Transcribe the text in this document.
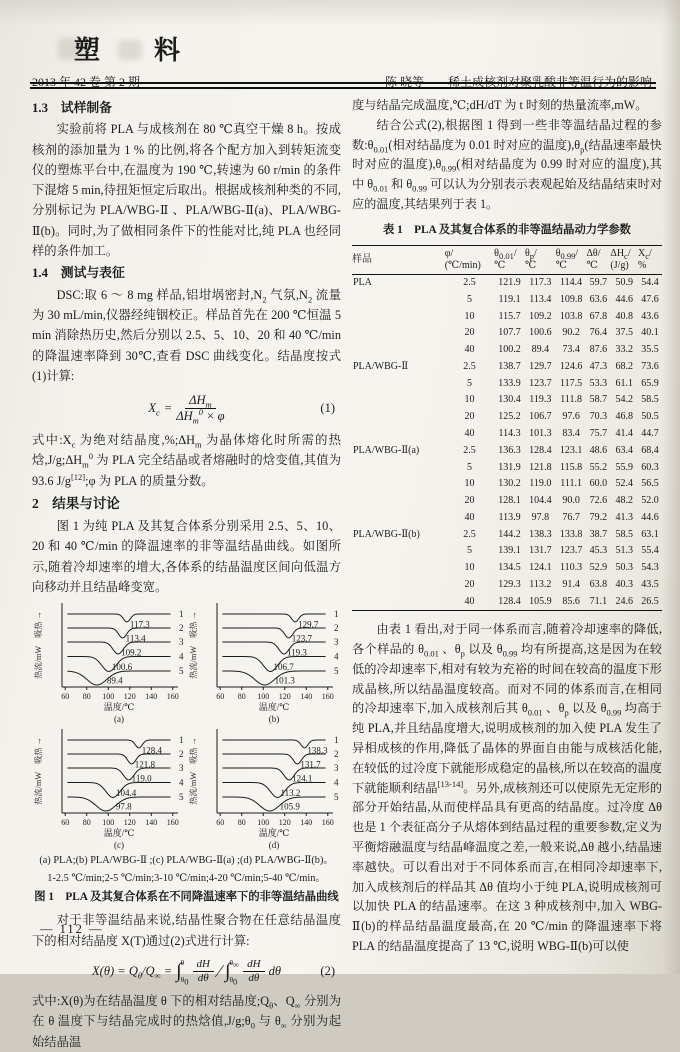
塑　料
2013 年 42 卷 第 2 期	陈 晓等——稀土成核剂对聚乳酸非等温行为的影响
1.3　试样制备

实验前将 PLA 与成核剂在 80 ℃真空干燥 8 h。按成核剂的添加量为 1 % 的比例,将各个配方加入到转矩流变仪的塑炼平台中,在温度为 190 ℃,转速为 60 r/min 的条件下混熔 5 min,待扭矩恒定后取出。根据成核剂种类的不同,分别标记为 PLA/WBG-Ⅱ 、PLA/WBG-Ⅱ(a)、PLA/WBG-Ⅱ(b)。同时,为了做相同条件下的性能对比,纯 PLA 也经同样的条件加工。

1.4　测试与表征

DSC:取 6 ～ 8 mg 样品,铝坩埚密封$,N_2$ 气氛$,N_2$ 流量为 30 mL/min,仪器经纯铟校正。样品首先在 200 ℃恒温 5 min 消除热历史,然后分别以 2.5、5、10、20 和 40 ℃/min 的降温速率降到 30℃,查看 DSC 曲线变化。结晶度按式(1)计算:

$X_c = \frac{\Delta H_m}{\Delta H_m^0 \times \varphi}$	(1)

式中$:X_c$ 为绝对结晶度$,\%;\Delta H_m$ 为晶体熔化时所需的热焓$,J/g;\Delta H_m^0$ 为 PLA 完全结晶或者熔融时的焓变值,其值为 93.6 J/g[12];φ 为 PLA 的质量分数。

2　结果与讨论

图 1 为纯 PLA 及其复合体系分别采用 2.5、5、10、20 和 40 ℃/min 的降温速率的非等温结晶曲线。如图所示,随着冷却速率的增大,各体系的结晶温度区间向低温方向移动并且结晶峰变宽。

60 80 100 120 140 160
热流/mW　吸热 →	1
117.3	2
113.4	3
109.2	4
100.6	5
89.4
温度/℃
(a)
60 80 100 120 140 160
热流/mW　吸热 →	1
129.7 2
123.7 3
119.3	4
106.7	5
101.3
温度/℃
(b)
60 80 100 120 140 160
热流/mW　吸热 →	1
128.4 2
121.8	3
119.0	4
104.4	5
97.8
温度/℃
(c)
60 80 100 120 140 160
热流/mW　吸热 →	1
138.3 2
131.7 3
124.1 4
113.2	5
105.9
温度/℃
(d)

(a) PLA;(b) PLA/WBG-Ⅱ ;(c) PLA/WBG-Ⅱ(a) ;(d) PLA/WBG-Ⅱ(b)。

1-2.5 ℃/min;2-5 ℃/min;3-10 ℃/min;4-20 ℃/min;5-40 ℃/min。

图 1　PLA 及其复合体系在不同降温速率下的非等温结晶曲线

对于非等温结晶来说,结晶性聚合物在任意结晶温度下的相对结晶度 X(T)通过(2)式进行计算:

$X(\theta) = Q_\theta/Q_\infty$ = ∫ θ
$\theta_0 \frac{dH}{d\theta}$ ∕ ∫ $\theta_\infty$
$\theta_0 \frac{dH}{d\theta}$ dθ	(2)

式中:X(θ)为在结晶温度 θ 下的相对结晶度$;Q_\theta$、$Q_\infty$ 分别为在 θ 温度下与结晶完成时的热焓值$,J/g;\theta_0$ 与 $\theta_\infty$ 分别为起始结晶温

度与结晶完成温度,℃;dH/dT 为 t 时刻的热量流率,mW。

结合公式(2),根据图 1 得到一些非等温结晶过程的参数$:\theta_{0.01}$(相对结晶度为 0.01 时对应的温度)$,\theta_p$(结晶速率最快时对应的温度)$,\theta_{0.99}$(相对结晶度为 0.99 时对应的温度),其中 $\theta_{0.01}$ 和 $\theta_{0.99}$ 可以认为分别表示表观起始及结晶结束时对应的温度,其结果列于表 1。

表 1　PLA 及其复合体系的非等温结晶动力学参数
样品	φ/
(℃/min)	$\theta_{0.01}/$
℃	$\theta_p/$
℃	$\theta_{0.99}/$
℃	Δθ/
℃	$\Delta H_c/$
(J/g)	$X_c/$
%

PLA	2.5	121.9	117.3	114.4	59.7	50.9	54.4
	5	119.1	113.4	109.8	63.6	44.6	47.6
	10	115.7	109.2	103.8	67.8	40.8	43.6
	20	107.7	100.6	90.2	76.4	37.5	40.1
	40	100.2	89.4	73.4	87.6	33.2	35.5
PLA/WBG-Ⅱ	2.5	138.7	129.7	124.6	47.3	68.2	73.6
	5	133.9	123.7	117.5	53.3	61.1	65.9
	10	130.4	119.3	111.8	58.7	54.2	58.5
	20	125.2	106.7	97.6	70.3	46.8	50.5
	40	114.3	101.3	83.4	75.7	41.4	44.7
PLA/WBG-Ⅱ(a)	2.5	136.3	128.4	123.1	48.6	63.4	68.4
	5	131.9	121.8	115.8	55.2	55.9	60.3
	10	130.2	119.0	111.1	60.0	52.4	56.5
	20	128.1	104.4	90.0	72.6	48.2	52.0
	40	113.9	97.8	76.7	79.2	41.3	44.6
PLA/WBG-Ⅱ(b)	2.5	144.2	138.3	133.8	38.7	58.5	63.1
	5	139.1	131.7	123.7	45.3	51.3	55.4
	10	134.5	124.1	110.3	52.9	50.3	54.3
	20	129.3	113.2	91.4	63.8	40.3	43.5
	40	128.4	105.9	85.6	71.1	24.6	26.5

由表 1 看出,对于同一体系而言,随着冷却速率的降低,各个样品的 $\theta_{0.01}$ 、$\theta_p$ 以及 $\theta_{0.99}$ 均有所提高,这是因为在较低的冷却速率下,相对有较为充裕的时间在较高的温度下形成晶核,所以结晶温度较高。而对不同的体系而言,在相同的冷却速率下,加入成核剂后其 $\theta_{0.01}$ 、$\theta_p$ 以及 $\theta_{0.99}$ 均高于纯 PLA,并且结晶度增大,说明成核剂的加入使 PLA 发生了异相成核的作用,降低了晶体的界面自由能与成核活化能,在较低的过冷度下就能形成稳定的晶核,所以在较高的温度下就能顺利结晶[13-14]。另外,成核剂还可以使原先无定形的部分开始结晶,从而使样品具有更高的结晶度。过冷度 Δθ 也是 1 个表征高分子从熔体到结晶过程的重要参数,定义为平衡熔融温度与结晶峰温度之差,一般来说,Δθ 越小,结晶速率越快。可以看出对于不同体系而言,在相同冷却速率下,加入成核剂后的样品其 Δθ 值均小于纯 PLA,说明成核剂可以加快 PLA 的结晶速率。在这 3 种成核剂中,加入 WBG-Ⅱ(b)的样品结晶温度最高,在 20 ℃/min 的降温速率下将 PLA 的结晶温度提高了 13 ℃,说明 WBG-Ⅱ(b)可以使

— 112 —
